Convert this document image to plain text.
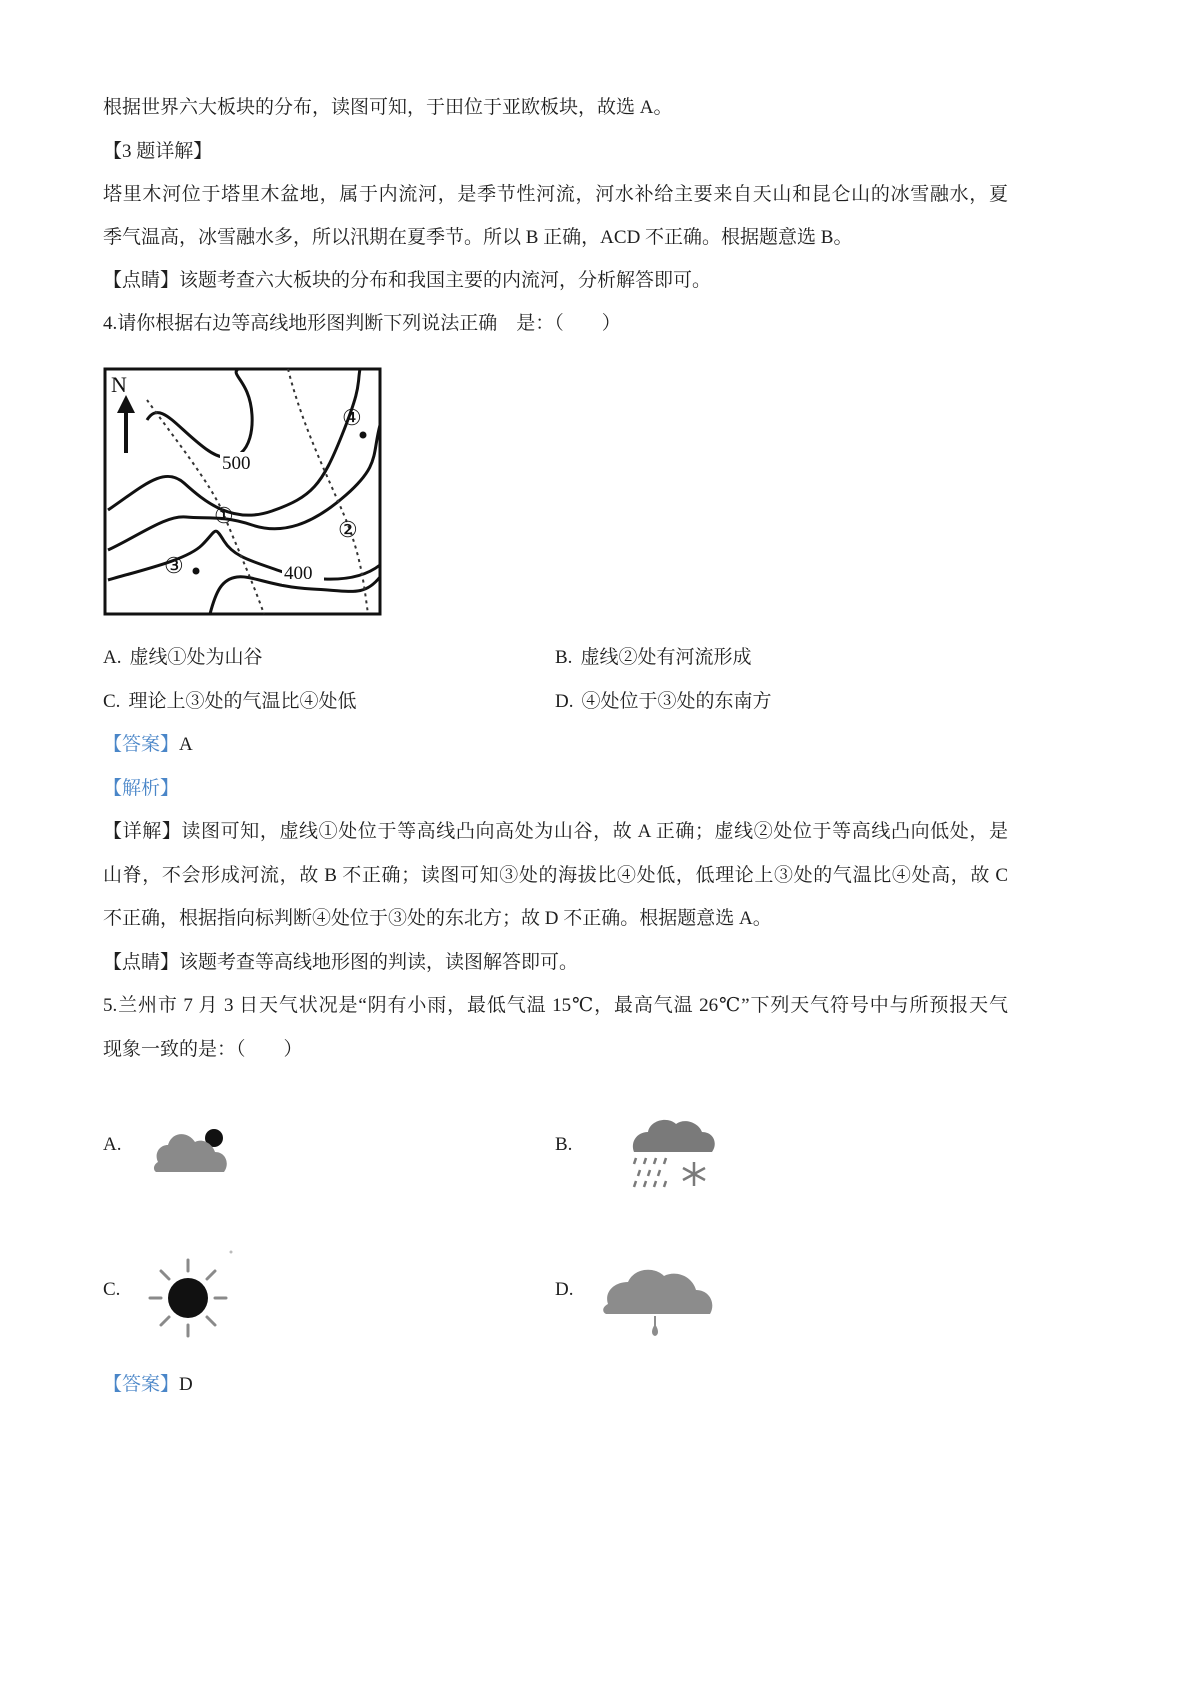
根据世界六大板块的分布，读图可知，于田位于亚欧板块，故选 A。
【3 题详解】
塔里木河位于塔里木盆地，属于内流河，是季节性河流，河水补给主要来自天山和昆仑山的冰雪融水，夏
季气温高，冰雪融水多，所以汛期在夏季节。所以 B 正确，ACD 不正确。根据题意选 B。
【点睛】该题考查六大板块的分布和我国主要的内流河，分析解答即可。
4.请你根据右边等高线地形图判断下列说法正确　是：（　　）
N
500
400
①
②
③
④
A. 虚线①处为山谷	B. 虚线②处有河流形成
C. 理论上③处的气温比④处低	D. ④处位于③处的东南方
【答案】A
【解析】
【详解】读图可知，虚线①处位于等高线凸向高处为山谷，故 A 正确；虚线②处位于等高线凸向低处，是
山脊，不会形成河流，故 B 不正确；读图可知③处的海拔比④处低，低理论上③处的气温比④处高，故 C
不正确，根据指向标判断④处位于③处的东北方；故 D 不正确。根据题意选 A。
【点睛】该题考查等高线地形图的判读，读图解答即可。
5.兰州市 7 月 3 日天气状况是“阴有小雨，最低气温 15℃，最高气温 26℃”下列天气符号中与所预报天气
现象一致的是：（　　）
A.	B.
C.	D.
【答案】D
